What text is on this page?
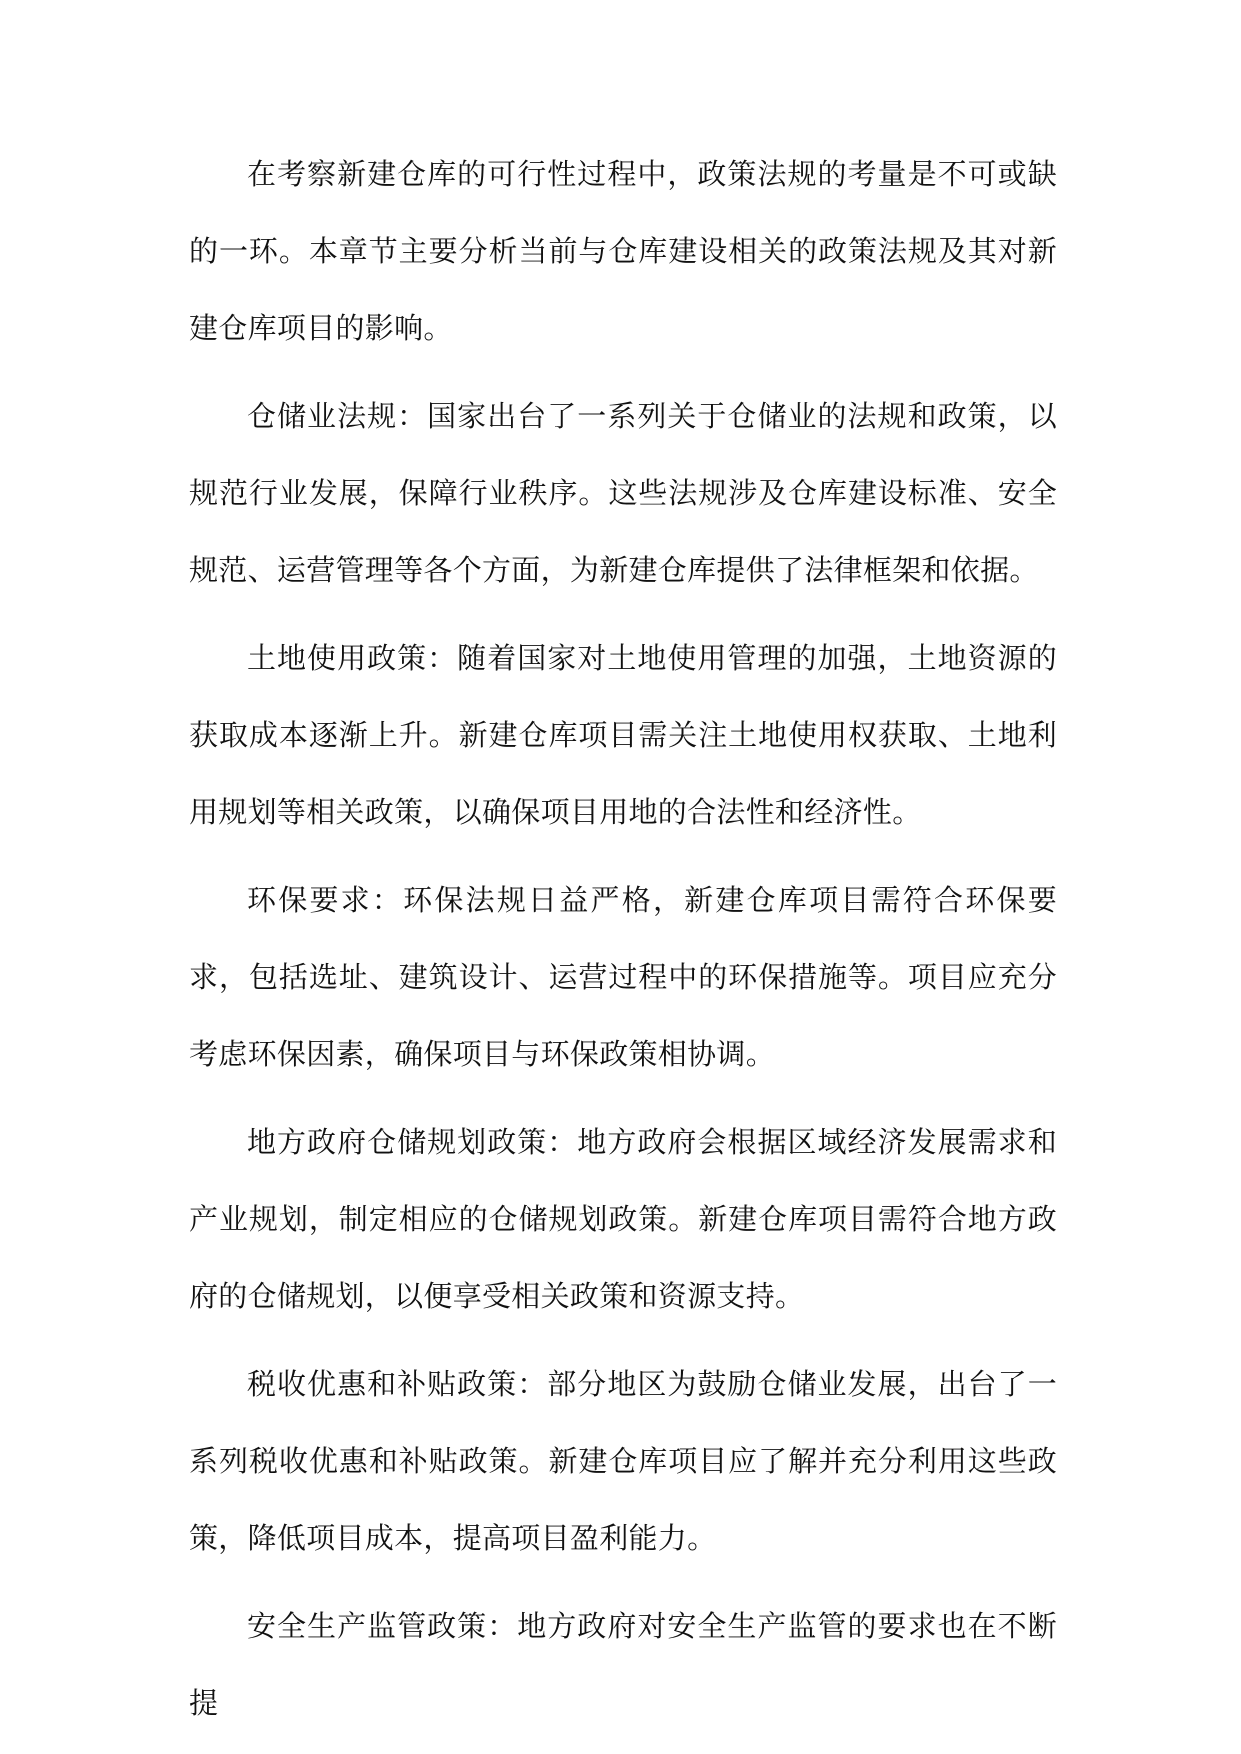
在考察新建仓库的可行性过程中，政策法规的考量是不可或缺的一环。本章节主要分析当前与仓库建设相关的政策法规及其对新建仓库项目的影响。

仓储业法规：国家出台了一系列关于仓储业的法规和政策，以规范行业发展，保障行业秩序。这些法规涉及仓库建设标准、安全规范、运营管理等各个方面，为新建仓库提供了法律框架和依据。

土地使用政策：随着国家对土地使用管理的加强，土地资源的获取成本逐渐上升。新建仓库项目需关注土地使用权获取、土地利用规划等相关政策，以确保项目用地的合法性和经济性。

环保要求：环保法规日益严格，新建仓库项目需符合环保要求，包括选址、建筑设计、运营过程中的环保措施等。项目应充分考虑环保因素，确保项目与环保政策相协调。

地方政府仓储规划政策：地方政府会根据区域经济发展需求和产业规划，制定相应的仓储规划政策。新建仓库项目需符合地方政府的仓储规划，以便享受相关政策和资源支持。

税收优惠和补贴政策：部分地区为鼓励仓储业发展，出台了一系列税收优惠和补贴政策。新建仓库项目应了解并充分利用这些政策，降低项目成本，提高项目盈利能力。

安全生产监管政策：地方政府对安全生产监管的要求也在不断提
